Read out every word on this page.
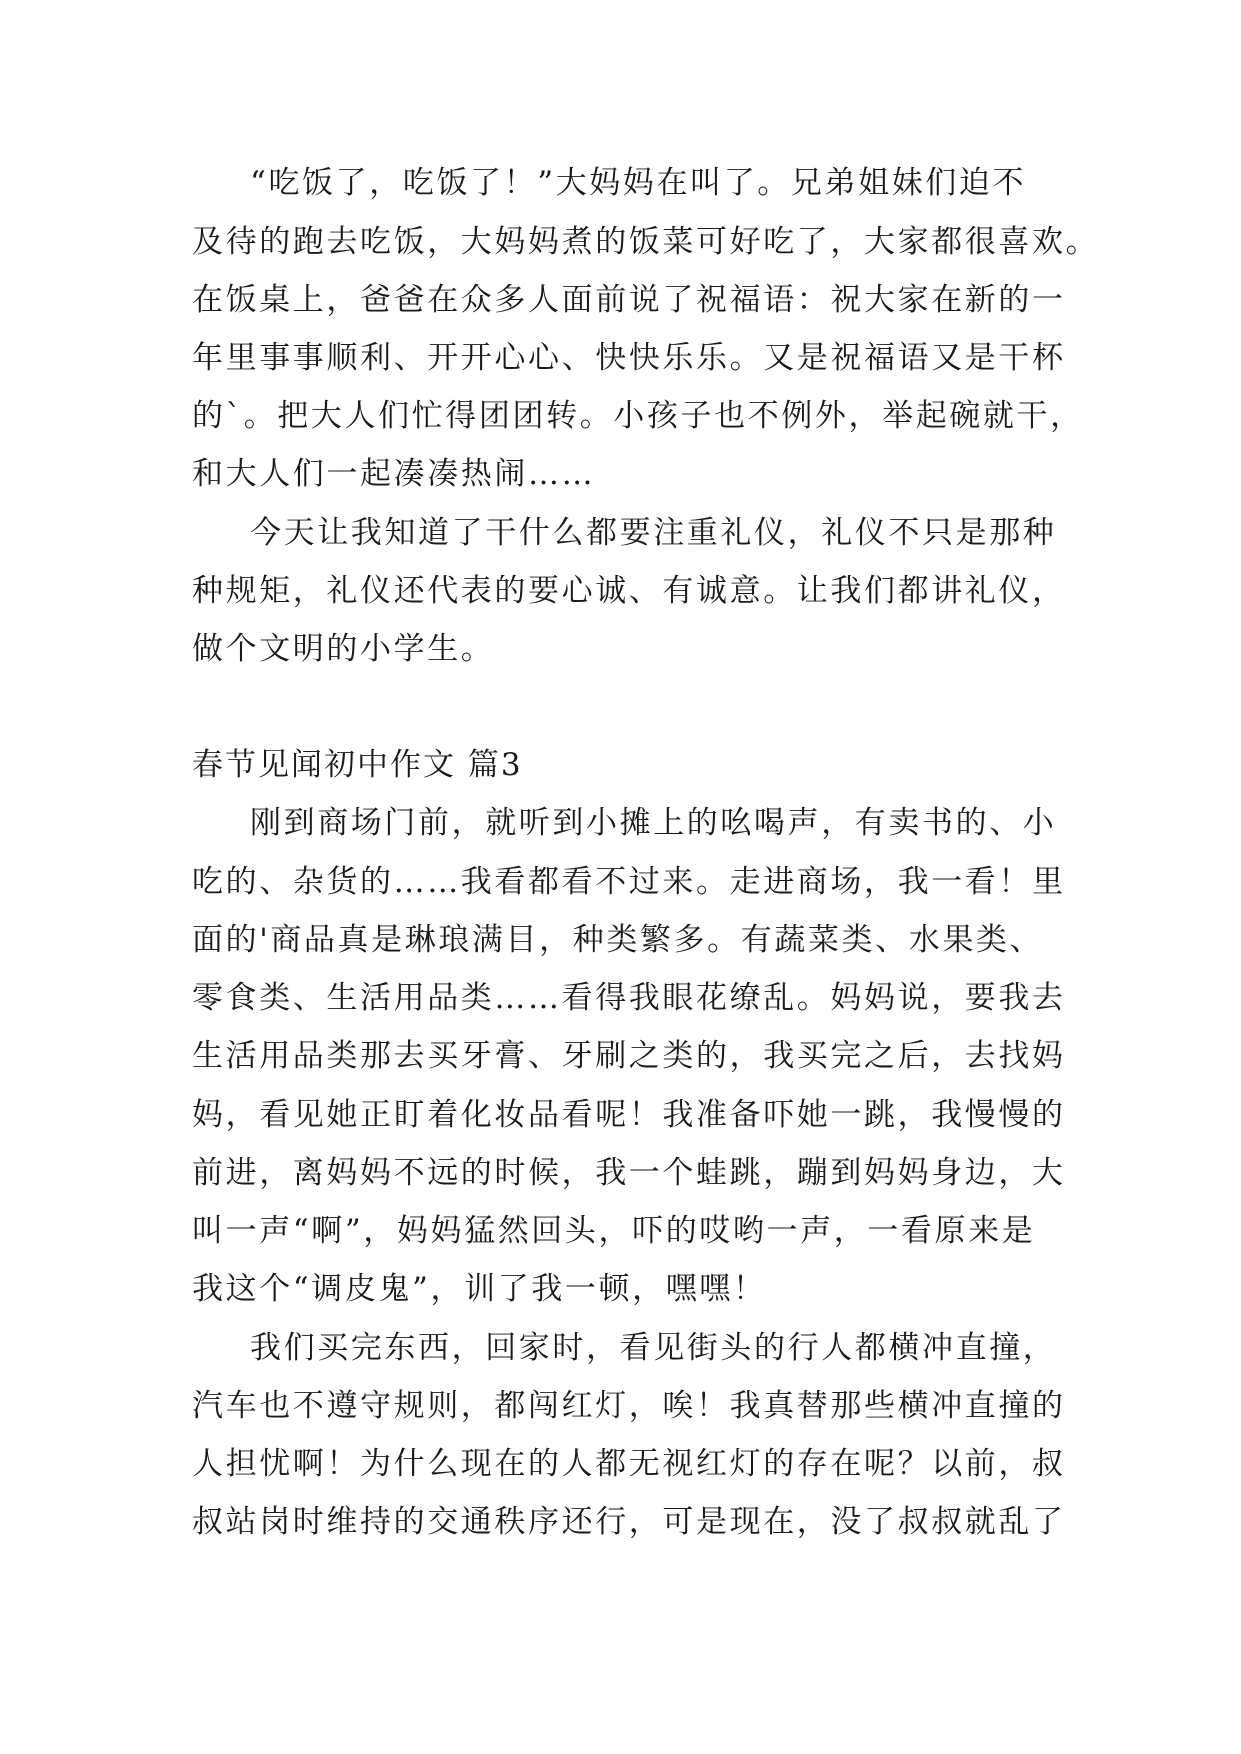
“吃饭了，吃饭了！”大妈妈在叫了。兄弟姐妹们迫不
及待的跑去吃饭，大妈妈煮的饭菜可好吃了，大家都很喜欢。
在饭桌上，爸爸在众多人面前说了祝福语：祝大家在新的一
年里事事顺利、开开心心、快快乐乐。又是祝福语又是干杯
的`。把大人们忙得团团转。小孩子也不例外，举起碗就干，
和大人们一起凑凑热闹……
今天让我知道了干什么都要注重礼仪，礼仪不只是那种
种规矩，礼仪还代表的要心诚、有诚意。让我们都讲礼仪，
做个文明的小学生。
春节见闻初中作文 篇3
刚到商场门前，就听到小摊上的吆喝声，有卖书的、小
吃的、杂货的……我看都看不过来。走进商场，我一看！里
面的'商品真是琳琅满目，种类繁多。有蔬菜类、水果类、
零食类、生活用品类……看得我眼花缭乱。妈妈说，要我去
生活用品类那去买牙膏、牙刷之类的，我买完之后，去找妈
妈，看见她正盯着化妆品看呢！我准备吓她一跳，我慢慢的
前进，离妈妈不远的时候，我一个蛙跳，蹦到妈妈身边，大
叫一声“啊”，妈妈猛然回头，吓的哎哟一声，一看原来是
我这个“调皮鬼”，训了我一顿，嘿嘿！
我们买完东西，回家时，看见街头的行人都横冲直撞，
汽车也不遵守规则，都闯红灯，唉！我真替那些横冲直撞的
人担忧啊！为什么现在的人都无视红灯的存在呢？以前，叔
叔站岗时维持的交通秩序还行，可是现在，没了叔叔就乱了
